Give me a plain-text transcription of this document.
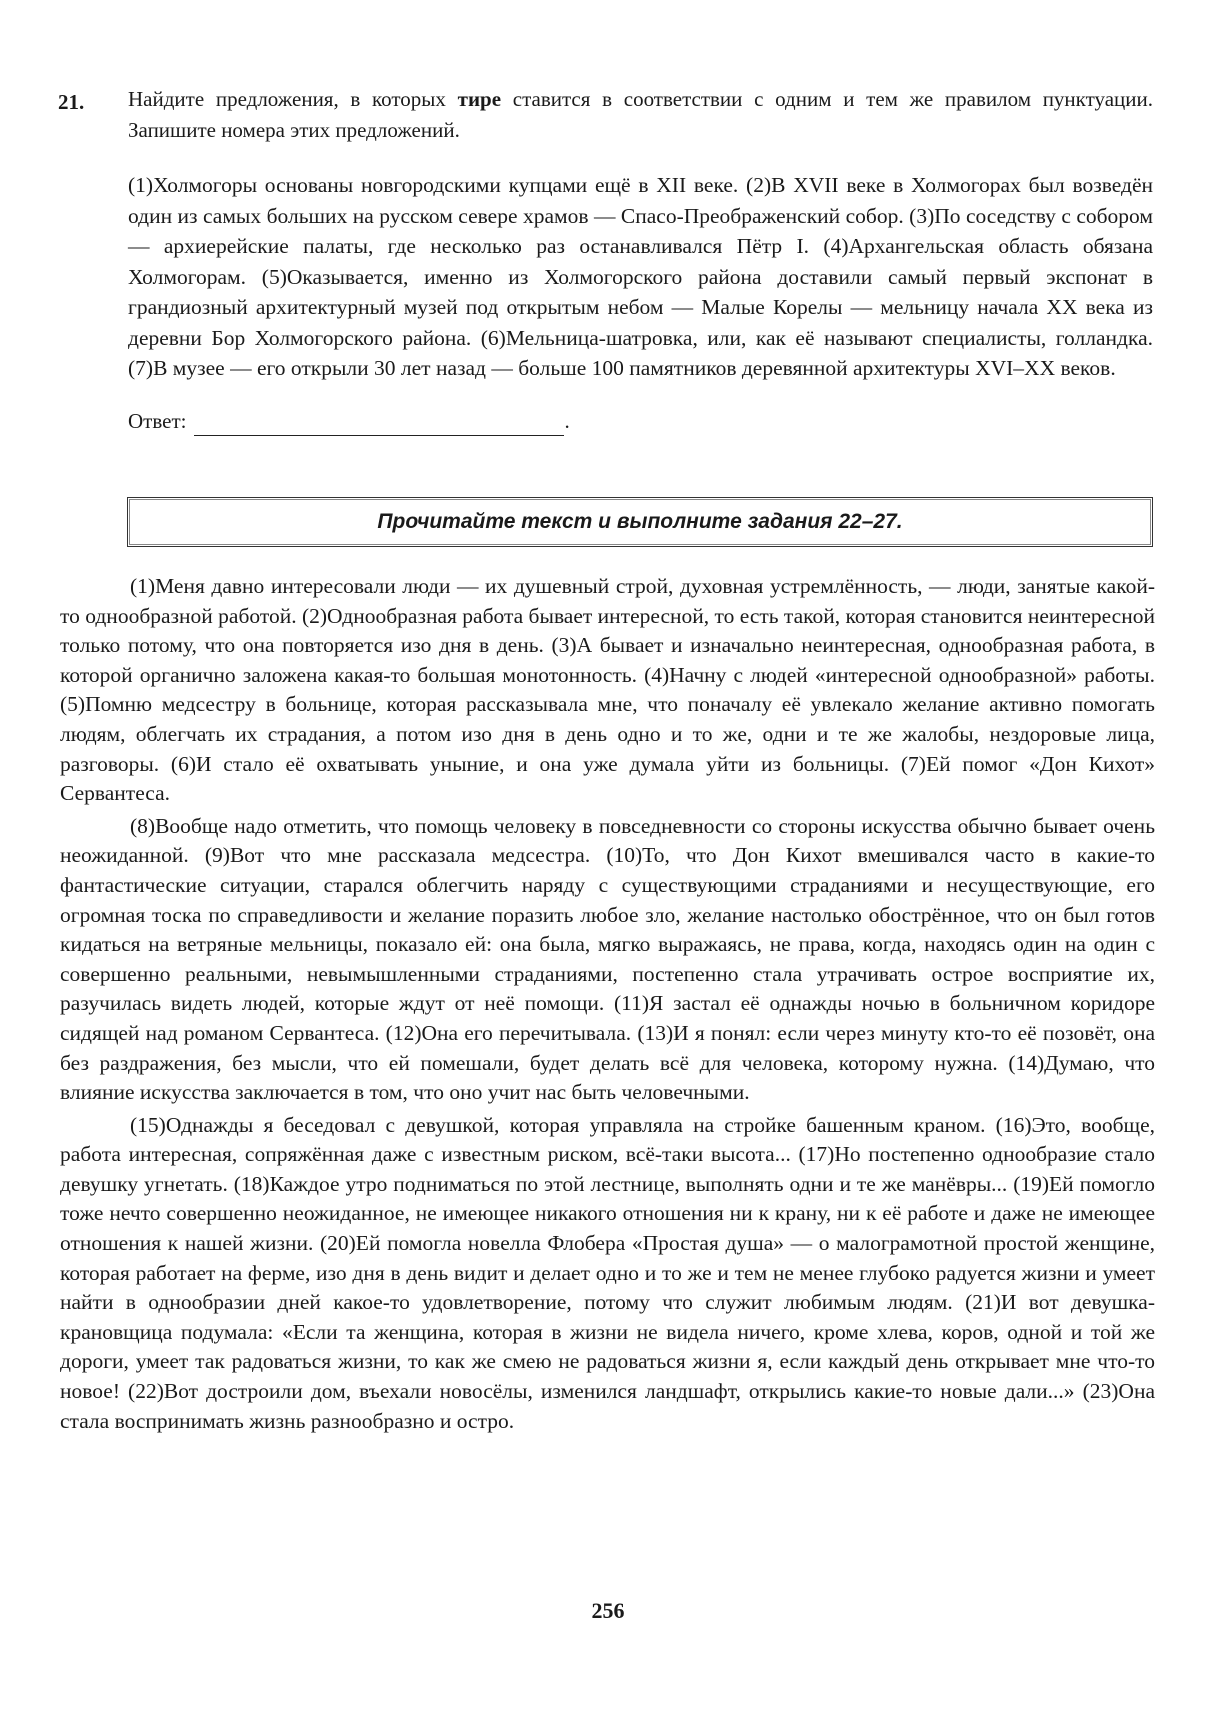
21. Найдите предложения, в которых тире ставится в соответствии с одним и тем же правилом пунктуации. Запишите номера этих предложений.
(1)Холмогоры основаны новгородскими купцами ещё в XII веке. (2)В XVII веке в Холмогорах был возведён один из самых больших на русском севере храмов — Спасо-Преображенский собор. (3)По соседству с собором — архиерейские палаты, где несколько раз останавливался Пётр I. (4)Архангельская область обязана Холмогорам. (5)Оказывается, именно из Холмогорского района доставили самый первый экспонат в грандиозный архитектурный музей под открытым небом — Малые Корелы — мельницу начала XX века из деревни Бор Холмогорского района. (6)Мельница-шатровка, или, как её называют специалисты, голландка. (7)В музее — его открыли 30 лет назад — больше 100 памятников деревянной архитектуры XVI–XX веков.
Ответ:	.
Прочитайте текст и выполните задания 22–27.

(1)Меня давно интересовали люди — их душевный строй, духовная устремлённость, — люди, занятые какой-то однообразной работой. (2)Однообразная работа бывает интересной, то есть такой, которая становится неинтересной только потому, что она повторяется изо дня в день. (3)А бывает и изначально неинтересная, однообразная работа, в которой органично заложена какая-то большая монотонность. (4)Начну с людей «интересной однообразной» работы. (5)Помню медсестру в больнице, которая рассказывала мне, что поначалу её увлекало желание активно помогать людям, облегчать их страдания, а потом изо дня в день одно и то же, одни и те же жалобы, нездоровые лица, разговоры. (6)И стало её охватывать уныние, и она уже думала уйти из больницы. (7)Ей помог «Дон Кихот» Сервантеса.

(8)Вообще надо отметить, что помощь человеку в повседневности со стороны искусства обычно бывает очень неожиданной. (9)Вот что мне рассказала медсестра. (10)То, что Дон Кихот вмешивался часто в какие-то фантастические ситуации, старался облегчить наряду с существующими страданиями и несуществующие, его огромная тоска по справедливости и желание поразить любое зло, желание настолько обострённое, что он был готов кидаться на ветряные мельницы, показало ей: она была, мягко выражаясь, не права, когда, находясь один на один с совершенно реальными, невымышленными страданиями, постепенно стала утрачивать острое восприятие их, разучилась видеть людей, которые ждут от неё помощи. (11)Я застал её однажды ночью в больничном коридоре сидящей над романом Сервантеса. (12)Она его перечитывала. (13)И я понял: если через минуту кто-то её позовёт, она без раздражения, без мысли, что ей помешали, будет делать всё для человека, которому нужна. (14)Думаю, что влияние искусства заключается в том, что оно учит нас быть человечными.

(15)Однажды я беседовал с девушкой, которая управляла на стройке башенным краном. (16)Это, вообще, работа интересная, сопряжённая даже с известным риском, всё-таки высота... (17)Но постепенно однообразие стало девушку угнетать. (18)Каждое утро подниматься по этой лестнице, выполнять одни и те же манёвры... (19)Ей помогло тоже нечто совершенно неожиданное, не имеющее никакого отношения ни к крану, ни к её работе и даже не имеющее отношения к нашей жизни. (20)Ей помогла новелла Флобера «Простая душа» — о малограмотной простой женщине, которая работает на ферме, изо дня в день видит и делает одно и то же и тем не менее глубоко радуется жизни и умеет найти в однообразии дней какое-то удовлетворение, потому что служит любимым людям. (21)И вот девушка-крановщица подумала: «Если та женщина, которая в жизни не видела ничего, кроме хлева, коров, одной и той же дороги, умеет так радоваться жизни, то как же смею не радоваться жизни я, если каждый день открывает мне что-то новое! (22)Вот достроили дом, въехали новосёлы, изменился ландшафт, открылись какие-то новые дали...» (23)Она стала воспринимать жизнь разнообразно и остро.

256
